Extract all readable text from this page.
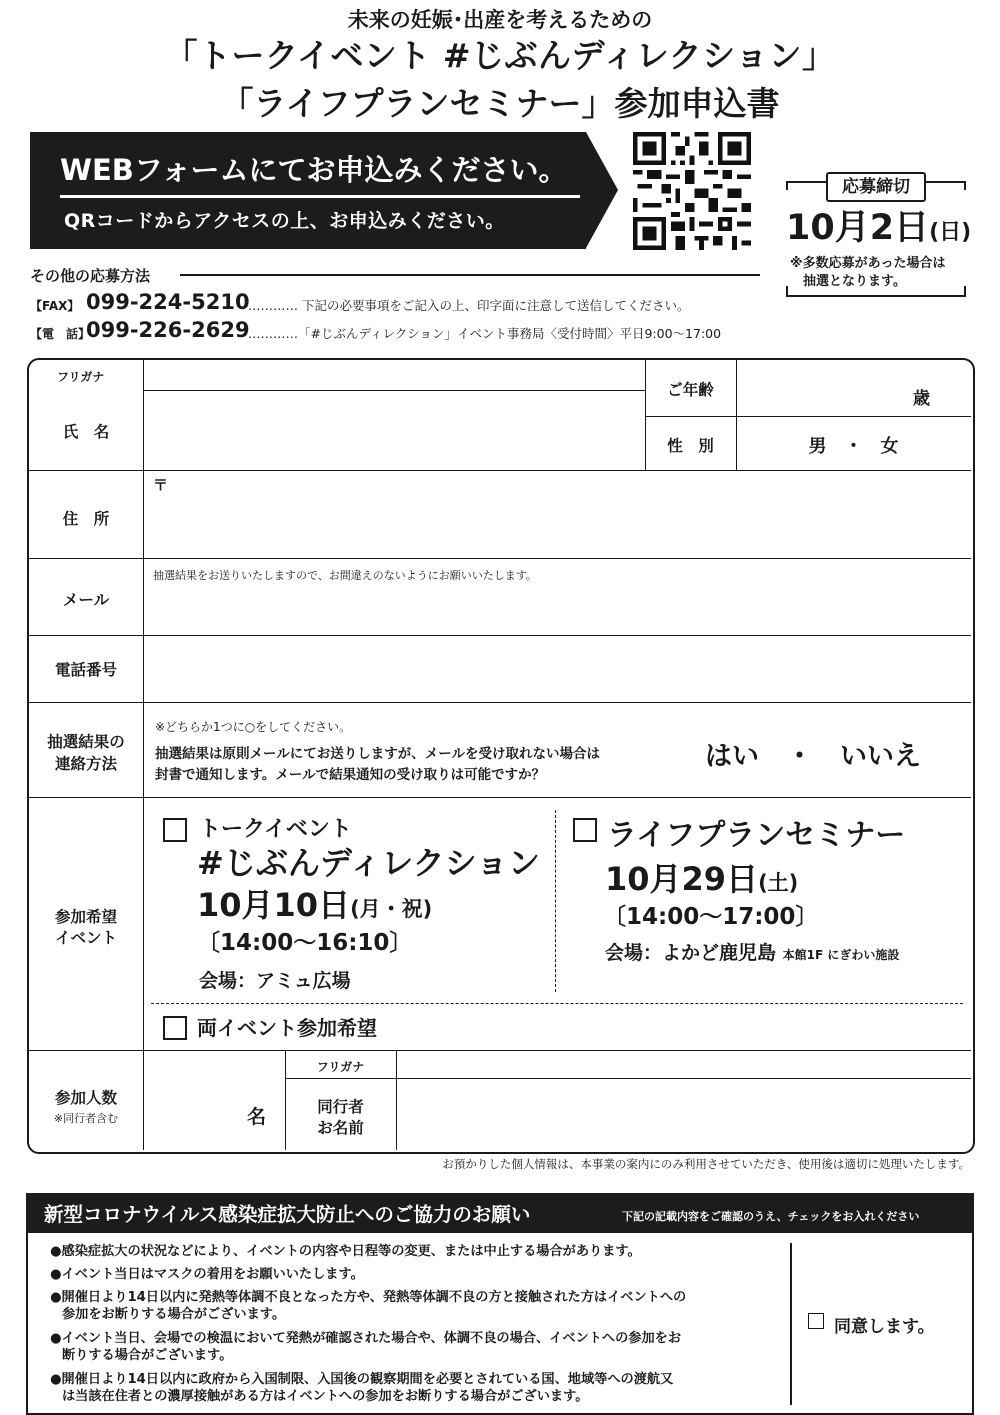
未来の妊娠･出産を考えるための
「トークイベント #じぶんディレクション」
「ライフプランセミナー」参加申込書
WEBフォームにてお申込みください。
QRコードからアクセスの上、お申込みください。
応募締切
10月2日(日)
※多数応募があった場合は
抽選となります。
その他の応募方法
【FAX】 099-224-5210
………… 下記の必要事項をご記入の上、印字面に注意して送信してください。
【電　話】
099-226-2629
…………「#じぶんディレクション」イベント事務局〈受付時間〉平日9:00～17:00
フリガナ
氏　名
ご年齢	歳
性　別	男　・　女
住　所
〒
メール
抽選結果をお送りいたしますので、お間違えのないようにお願いいたします。
電話番号
抽選結果の
連絡方法
※どちらか1つに○をしてください。
抽選結果は原則メールにてお送りしますが、メールを受け取れない場合は
封書で通知します。メールで結果通知の受け取りは可能ですか？
はい　・　いいえ
参加希望
イベント
トークイベント
#じぶんディレクション
10月10日(月・祝)
〔14:00～16:10〕
会場：アミュ広場
ライフプランセミナー
10月29日(土)
〔14:00～17:00〕
会場：よかど鹿児島 本館1F にぎわい施設
両イベント参加希望
参加人数
※同行者含む	名
フリガナ
同行者
お名前
お預かりした個人情報は、本事業の案内にのみ利用させていただき、使用後は適切に処理いたします。
新型コロナウイルス感染症拡大防止へのご協力のお願い	下記の記載内容をご確認のうえ、チェックをお入れください
●感染症拡大の状況などにより、イベントの内容や日程等の変更、または中止する場合があります。
●イベント当日はマスクの着用をお願いいたします。
●開催日より14日以内に発熱等体調不良となった方や、発熱等体調不良の方と接触された方はイベントへの
参加をお断りする場合がございます。
●イベント当日、会場での検温において発熱が確認された場合や、体調不良の場合、イベントへの参加をお
断りする場合がございます。
●開催日より14日以内に政府から入国制限、入国後の観察期間を必要とされている国、地域等への渡航又
は当該在住者との濃厚接触がある方はイベントへの参加をお断りする場合がございます。
同意します。
